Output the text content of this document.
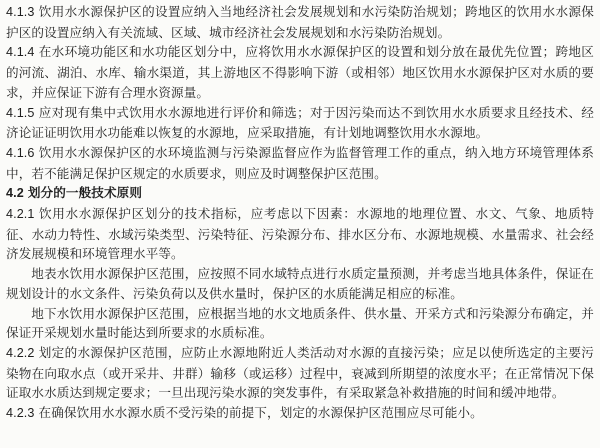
4.1.3 饮用水水源保护区的设置应纳入当地经济社会发展规划和水污染防治规划；跨地区的饮用水水源保护区的设置应纳入有关流域、区域、城市经济社会发展规划和水污染防治规划。

4.1.4 在水环境功能区和水功能区划分中，应将饮用水水源保护区的设置和划分放在最优先位置；跨地区的河流、湖泊、水库、输水渠道，其上游地区不得影响下游（或相邻）地区饮用水水源保护区对水质的要求，并应保证下游有合理水资源量。

4.1.5 应对现有集中式饮用水水源地进行评价和筛选；对于因污染而达不到饮用水水质要求且经技术、经济论证证明饮用水功能难以恢复的水源地，应采取措施，有计划地调整饮用水水源地。

4.1.6 饮用水水源保护区的水环境监测与污染源监督应作为监督管理工作的重点，纳入地方环境管理体系中，若不能满足保护区规定的水质要求，则应及时调整保护区范围。

4.2 划分的一般技术原则

4.2.1 饮用水水源保护区划分的技术指标，应考虑以下因素：水源地的地理位置、水文、气象、地质特征、水动力特性、水域污染类型、污染特征、污染源分布、排水区分布、水源地规模、水量需求、社会经济发展规模和环境管理水平等。

地表水饮用水源保护区范围，应按照不同水域特点进行水质定量预测，并考虑当地具体条件，保证在规划设计的水文条件、污染负荷以及供水量时，保护区的水质能满足相应的标准。

地下水饮用水源保护区范围，应根据当地的水文地质条件、供水量、开采方式和污染源分布确定，并保证开采规划水量时能达到所要求的水质标准。

4.2.2 划定的水源保护区范围，应防止水源地附近人类活动对水源的直接污染；应足以使所选定的主要污染物在向取水点（或开采井、井群）输移（或运移）过程中，衰减到所期望的浓度水平；在正常情况下保证取水水质达到规定要求；一旦出现污染水源的突发事件，有采取紧急补救措施的时间和缓冲地带。

4.2.3 在确保饮用水水源水质不受污染的前提下，划定的水源保护区范围应尽可能小。
